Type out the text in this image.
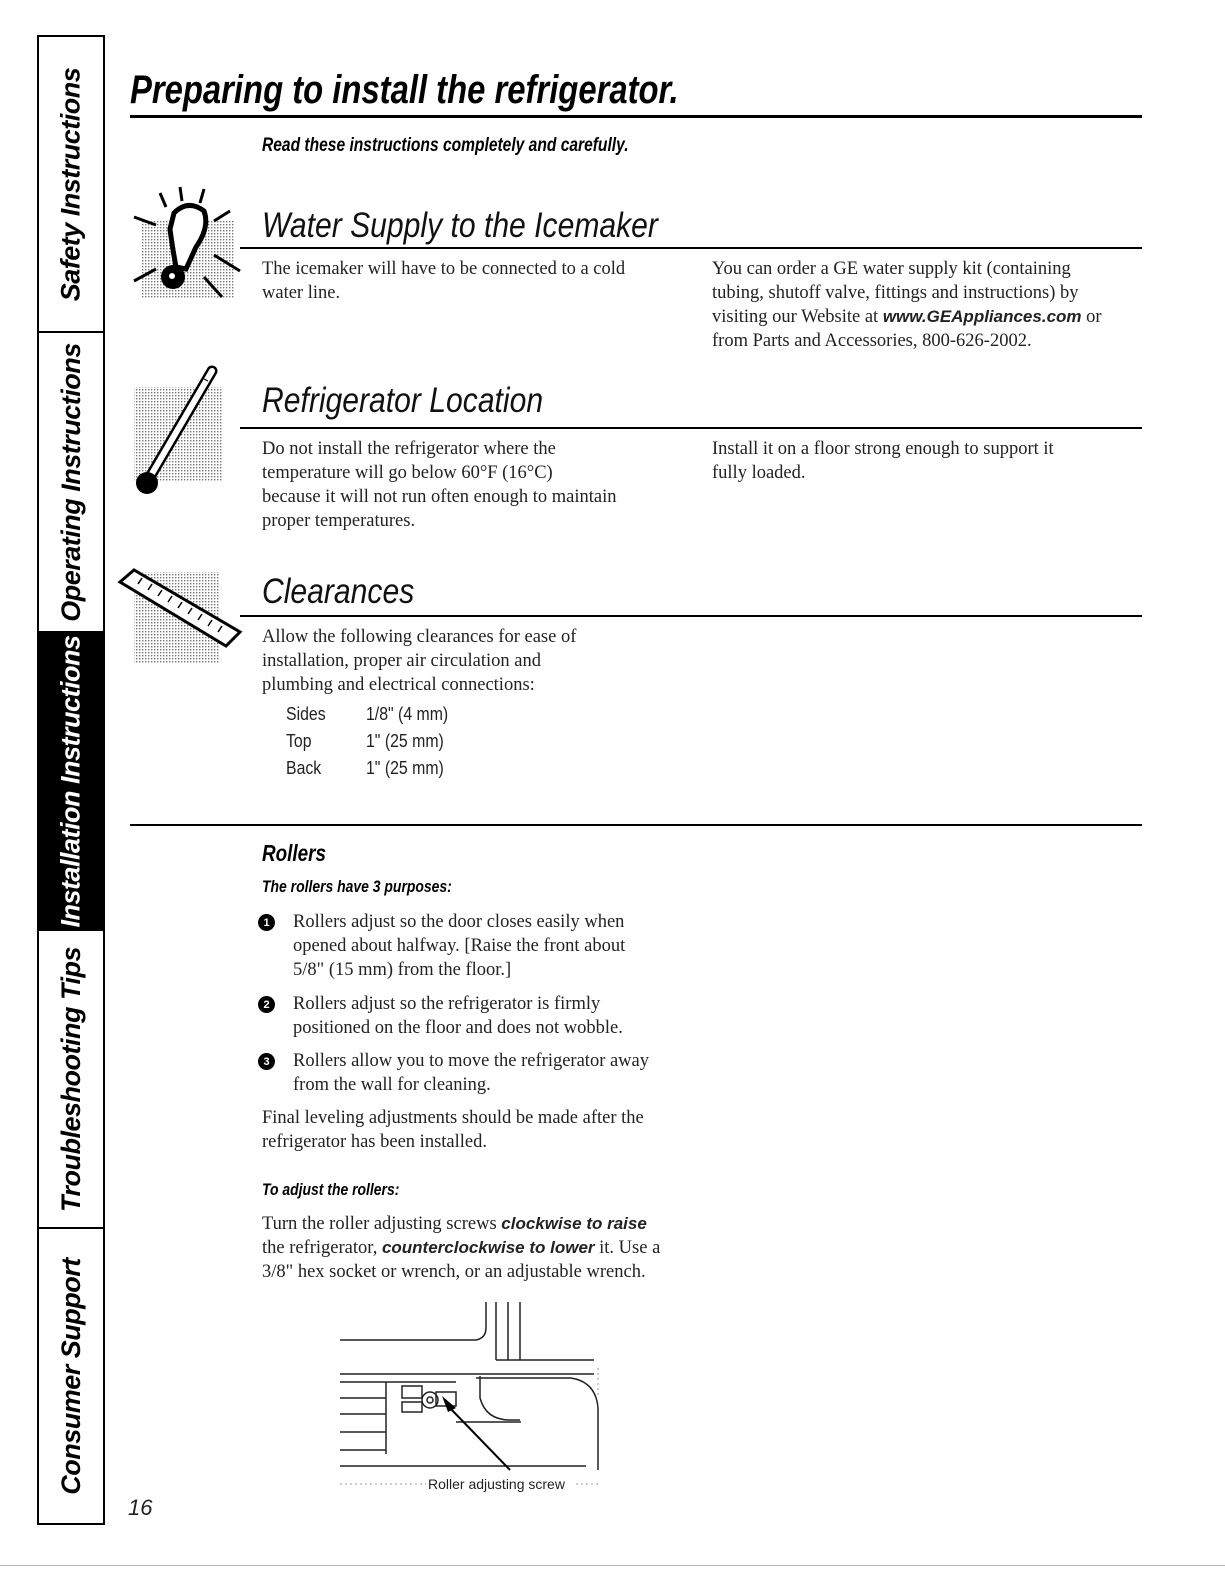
Safety Instructions
Operating Instructions
Installation Instructions
Troubleshooting Tips
Consumer Support
Preparing to install the refrigerator.
Read these instructions completely and carefully.
Water Supply to the Icemaker
The icemaker will have to be connected to a cold
water line.
You can order a GE water supply kit (containing
tubing, shutoff valve, fittings and instructions) by
visiting our Website at www.GEAppliances.com or
from Parts and Accessories, 800-626-2002.
Refrigerator Location
Do not install the refrigerator where the
temperature will go below 60°F (16°C)
because it will not run often enough to maintain
proper temperatures.
Install it on a floor strong enough to support it
fully loaded.
Clearances
Allow the following clearances for ease of
installation, proper air circulation and
plumbing and electrical connections:
Sides 1/8" (4 mm)
Top	1" (25 mm)
Back 1" (25 mm)
Rollers
The rollers have 3 purposes:
1 Rollers adjust so the door closes easily when
opened about halfway. [Raise the front about
5/8" (15 mm) from the floor.]
2 Rollers adjust so the refrigerator is firmly
positioned on the floor and does not wobble.
3 Rollers allow you to move the refrigerator away
from the wall for cleaning.
Final leveling adjustments should be made after the
refrigerator has been installed.
To adjust the rollers:
Turn the roller adjusting screws clockwise to raise
the refrigerator, counterclockwise to lower it. Use a
3/8" hex socket or wrench, or an adjustable wrench.
Roller adjusting screw
16
